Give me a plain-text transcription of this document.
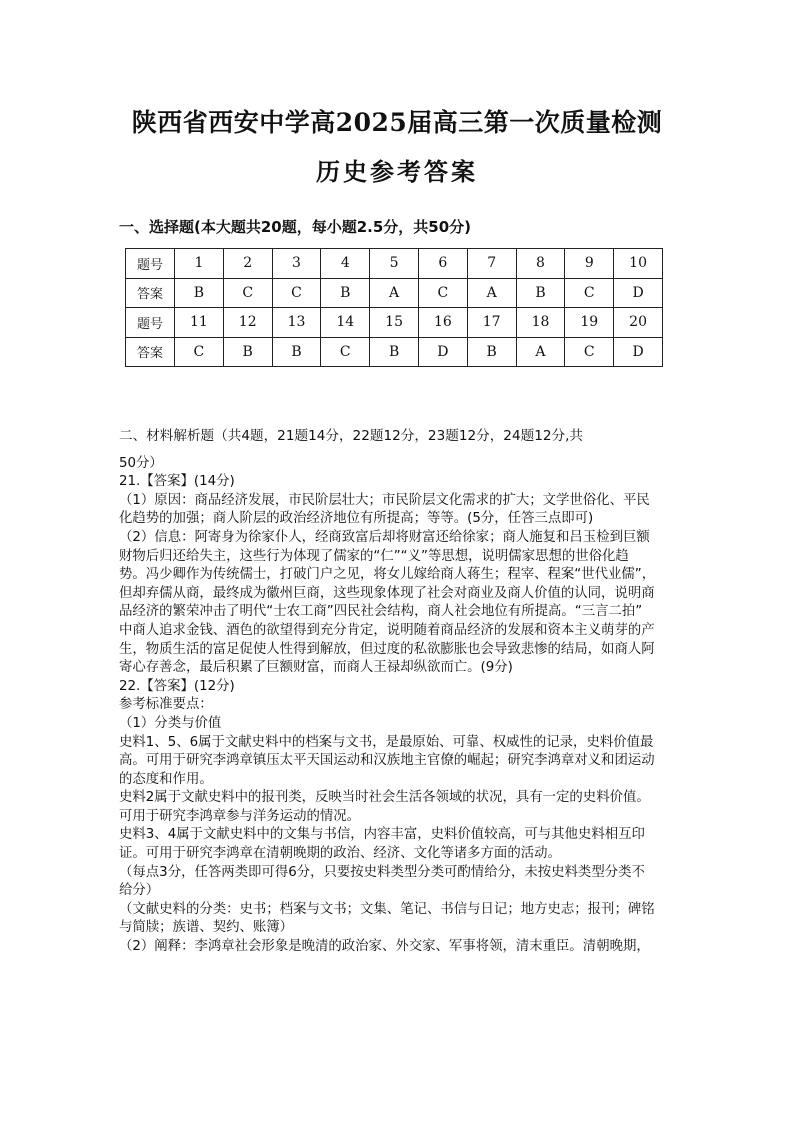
陕西省西安中学高2025届高三第一次质量检测
历史参考答案
一、选择题(本大题共20题，每小题2.5分，共50分)
题号	1	2	3	4	5	6	7	8	9	10
答案	B	C	C	B	A	C	A	B	C	D
题号	11	12	13	14	15	16	17	18	19	20
答案	C	B	B	C	B	D	B	A	C	D

二、材料解析题（共4题，21题14分，22题12分，23题12分，24题12分,共

50分）

21.【答案】(14分)

（1）原因：商品经济发展，市民阶层壮大；市民阶层文化需求的扩大；文学世俗化、平民

化趋势的加强；商人阶层的政治经济地位有所提高；等等。(5分，任答三点即可)

（2）信息：阿寄身为徐家仆人，经商致富后却将财富还给徐家；商人施复和吕玉检到巨额

财物后归还给失主，这些行为体现了儒家的“仁”“义”等思想，说明儒家思想的世俗化趋

势。冯少卿作为传统儒士，打破门户之见，将女儿嫁给商人蒋生；程宰、程案“世代业儒”，

但却弃儒从商，最终成为徽州巨商，这些现象体现了社会对商业及商人价值的认同，说明商

品经济的繁荣冲击了明代“士农工商”四民社会结构，商人社会地位有所提高。“三言二拍”

中商人追求金钱、酒色的欲望得到充分肯定，说明随着商品经济的发展和资本主义萌芽的产

生，物质生活的富足促使人性得到解放，但过度的私欲膨胀也会导致悲惨的结局，如商人阿

寄心存善念，最后积累了巨额财富，而商人王禄却纵欲而亡。(9分)

22.【答案】(12分)

参考标准要点：

（1）分类与价值

史料1、5、6属于文献史料中的档案与文书，是最原始、可靠、权威性的记录，史料价值最

高。可用于研究李鸿章镇压太平天国运动和汉族地主官僚的崛起；研究李鸿章对义和团运动

的态度和作用。

史料2属于文献史料中的报刊类，反映当时社会生活各领域的状况，具有一定的史料价值。

可用于研究李鸿章参与洋务运动的情况。

史料3、4属于文献史料中的文集与书信，内容丰富，史料价值较高，可与其他史料相互印

证。可用于研究李鸿章在清朝晚期的政治、经济、文化等诸多方面的活动。

（每点3分，任答两类即可得6分，只要按史料类型分类可酌情给分，未按史料类型分类不

给分）

（文献史料的分类：史书；档案与文书；文集、笔记、书信与日记；地方史志；报刊；碑铭

与简牍；族谱、契约、账簿）

（2）阐释：李鸿章社会形象是晚清的政治家、外交家、军事将领，清末重臣。清朝晚期，
